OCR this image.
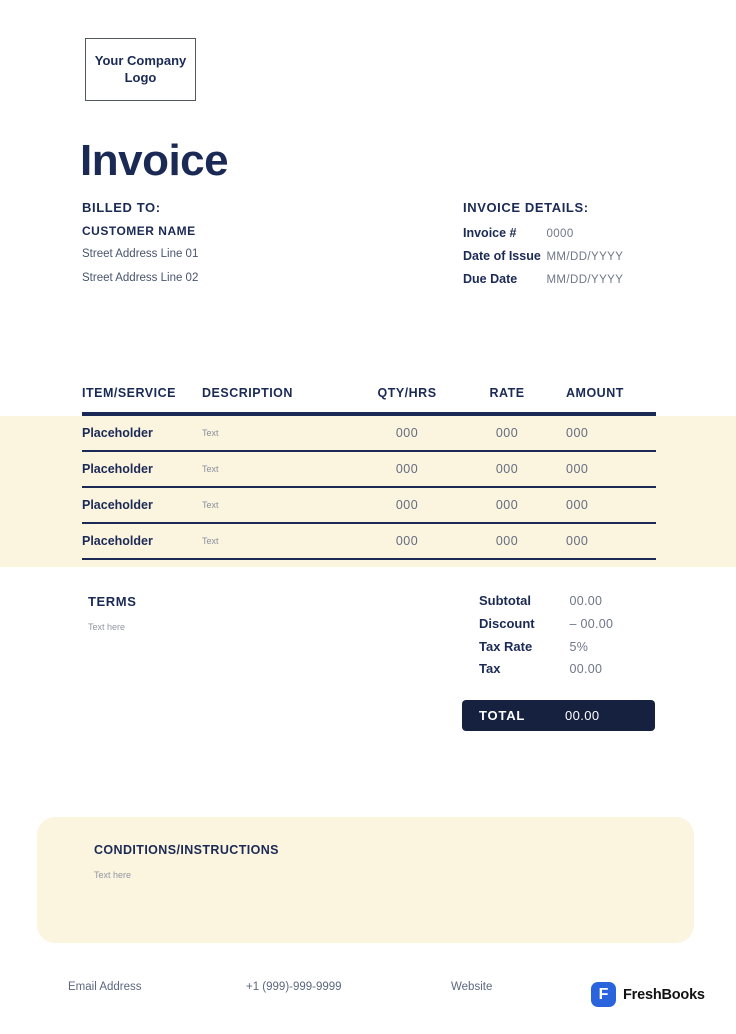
Your Company
Logo
Invoice
BILLED TO:
CUSTOMER NAME
Street Address Line 01
Street Address Line 02
INVOICE DETAILS:
Invoice #	0000
Date of Issue MM/DD/YYYY
Due Date	MM/DD/YYYY
ITEM/SERVICE	DESCRIPTION	QTY/HRS	RATE	AMOUNT
Placeholder	Text	000	000	000
Placeholder	Text	000	000	000
Placeholder	Text	000	000	000
Placeholder	Text	000	000	000
TERMS
Text here
Subtotal	00.00
Discount	– 00.00
Tax Rate	5%
Tax	00.00
TOTAL	00.00
CONDITIONS/INSTRUCTIONS
Text here
Email Address	+1 (999)-999-9999	Website	F	FreshBooks
